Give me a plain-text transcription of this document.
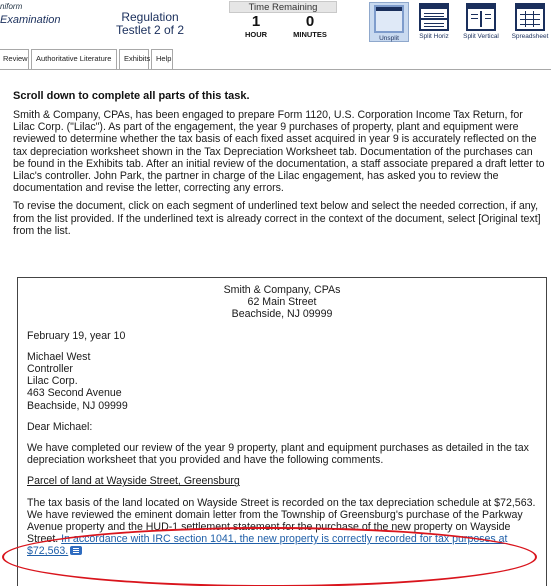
niform
Examination	Regulation
Testlet 2 of 2
Time Remaining
1
HOUR
0
MINUTES	Unsplit	Split Horiz	Split Vertical	Spreadsheet
Review	Authoritative Literature	Exhibits Help
Scroll down to complete all parts of this task.
Smith & Company, CPAs, has been engaged to prepare Form 1120, U.S. Corporation Income Tax Return, for Lilac Corp. ("Lilac"). As part of the engagement, the year 9 purchases of property, plant and equipment were reviewed to determine whether the tax basis of each fixed asset acquired in year 9 is accurately reflected on the tax depreciation worksheet shown in the Tax Depreciation Worksheet tab. Documentation of the purchases can be found in the Exhibits tab. After an initial review of the documentation, a staff associate prepared a draft letter to Lilac's controller. John Park, the partner in charge of the Lilac engagement, has asked you to review the documentation and revise the letter, correcting any errors.
To revise the document, click on each segment of underlined text below and select the needed correction, if any, from the list provided. If the underlined text is already correct in the context of the document, select [Original text] from the list.
Smith & Company, CPAs
62 Main Street
Beachside, NJ 09999
February 19, year 10
Michael West
Controller
Lilac Corp.
463 Second Avenue
Beachside, NJ 09999
Dear Michael:
We have completed our review of the year 9 property, plant and equipment purchases as detailed in the tax depreciation worksheet that you provided and have the following comments.
Parcel of land at Wayside Street, Greensburg
The tax basis of the land located on Wayside Street is recorded on the tax depreciation schedule at $72,563. We have reviewed the eminent domain letter from the Township of Greensburg's purchase of the Parkway Avenue property and the HUD-1 settlement statement for the purchase of the new property on Wayside Street. In accordance with IRC section 1041, the new property is correctly recorded for tax purposes at $72,563.
